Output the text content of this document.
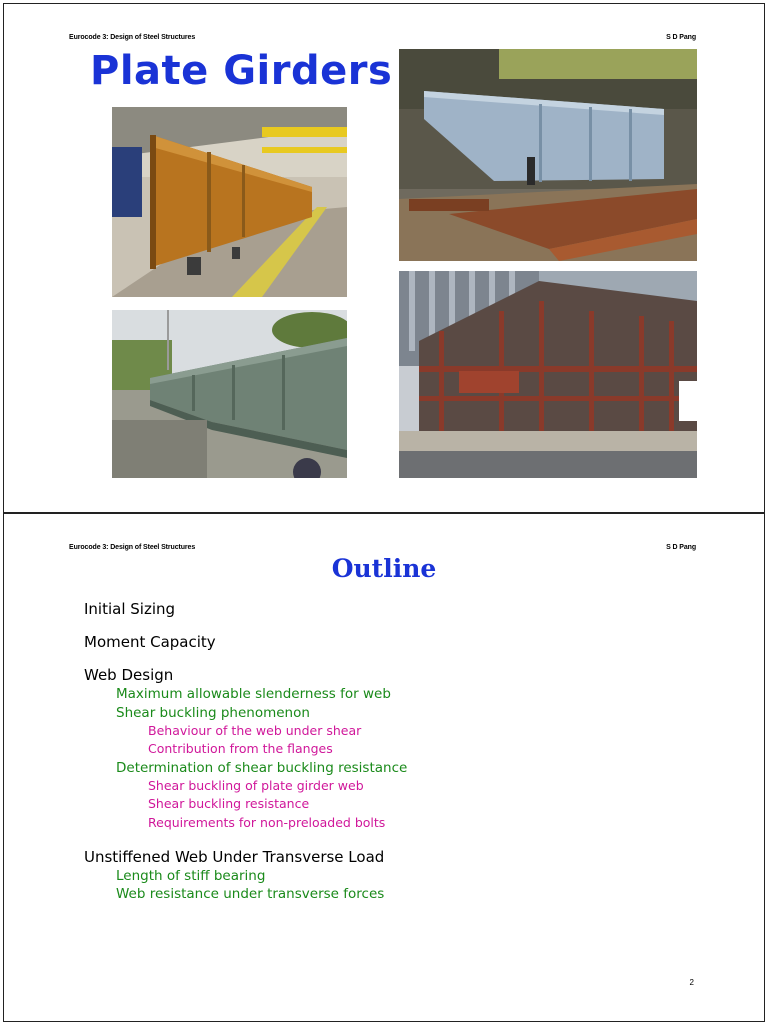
Eurocode 3: Design of Steel Structures	S D Pang
Plate Girders
Eurocode 3: Design of Steel Structures	S D Pang
Outline
Initial Sizing
Moment Capacity
Web Design
Maximum allowable slenderness for web
Shear buckling phenomenon
Behaviour of the web under shear
Contribution from the flanges
Determination of shear buckling resistance
Shear buckling of plate girder web
Shear buckling resistance
Requirements for non-preloaded bolts
Unstiffened Web Under Transverse Load
Length of stiff bearing
Web resistance under transverse forces
2
